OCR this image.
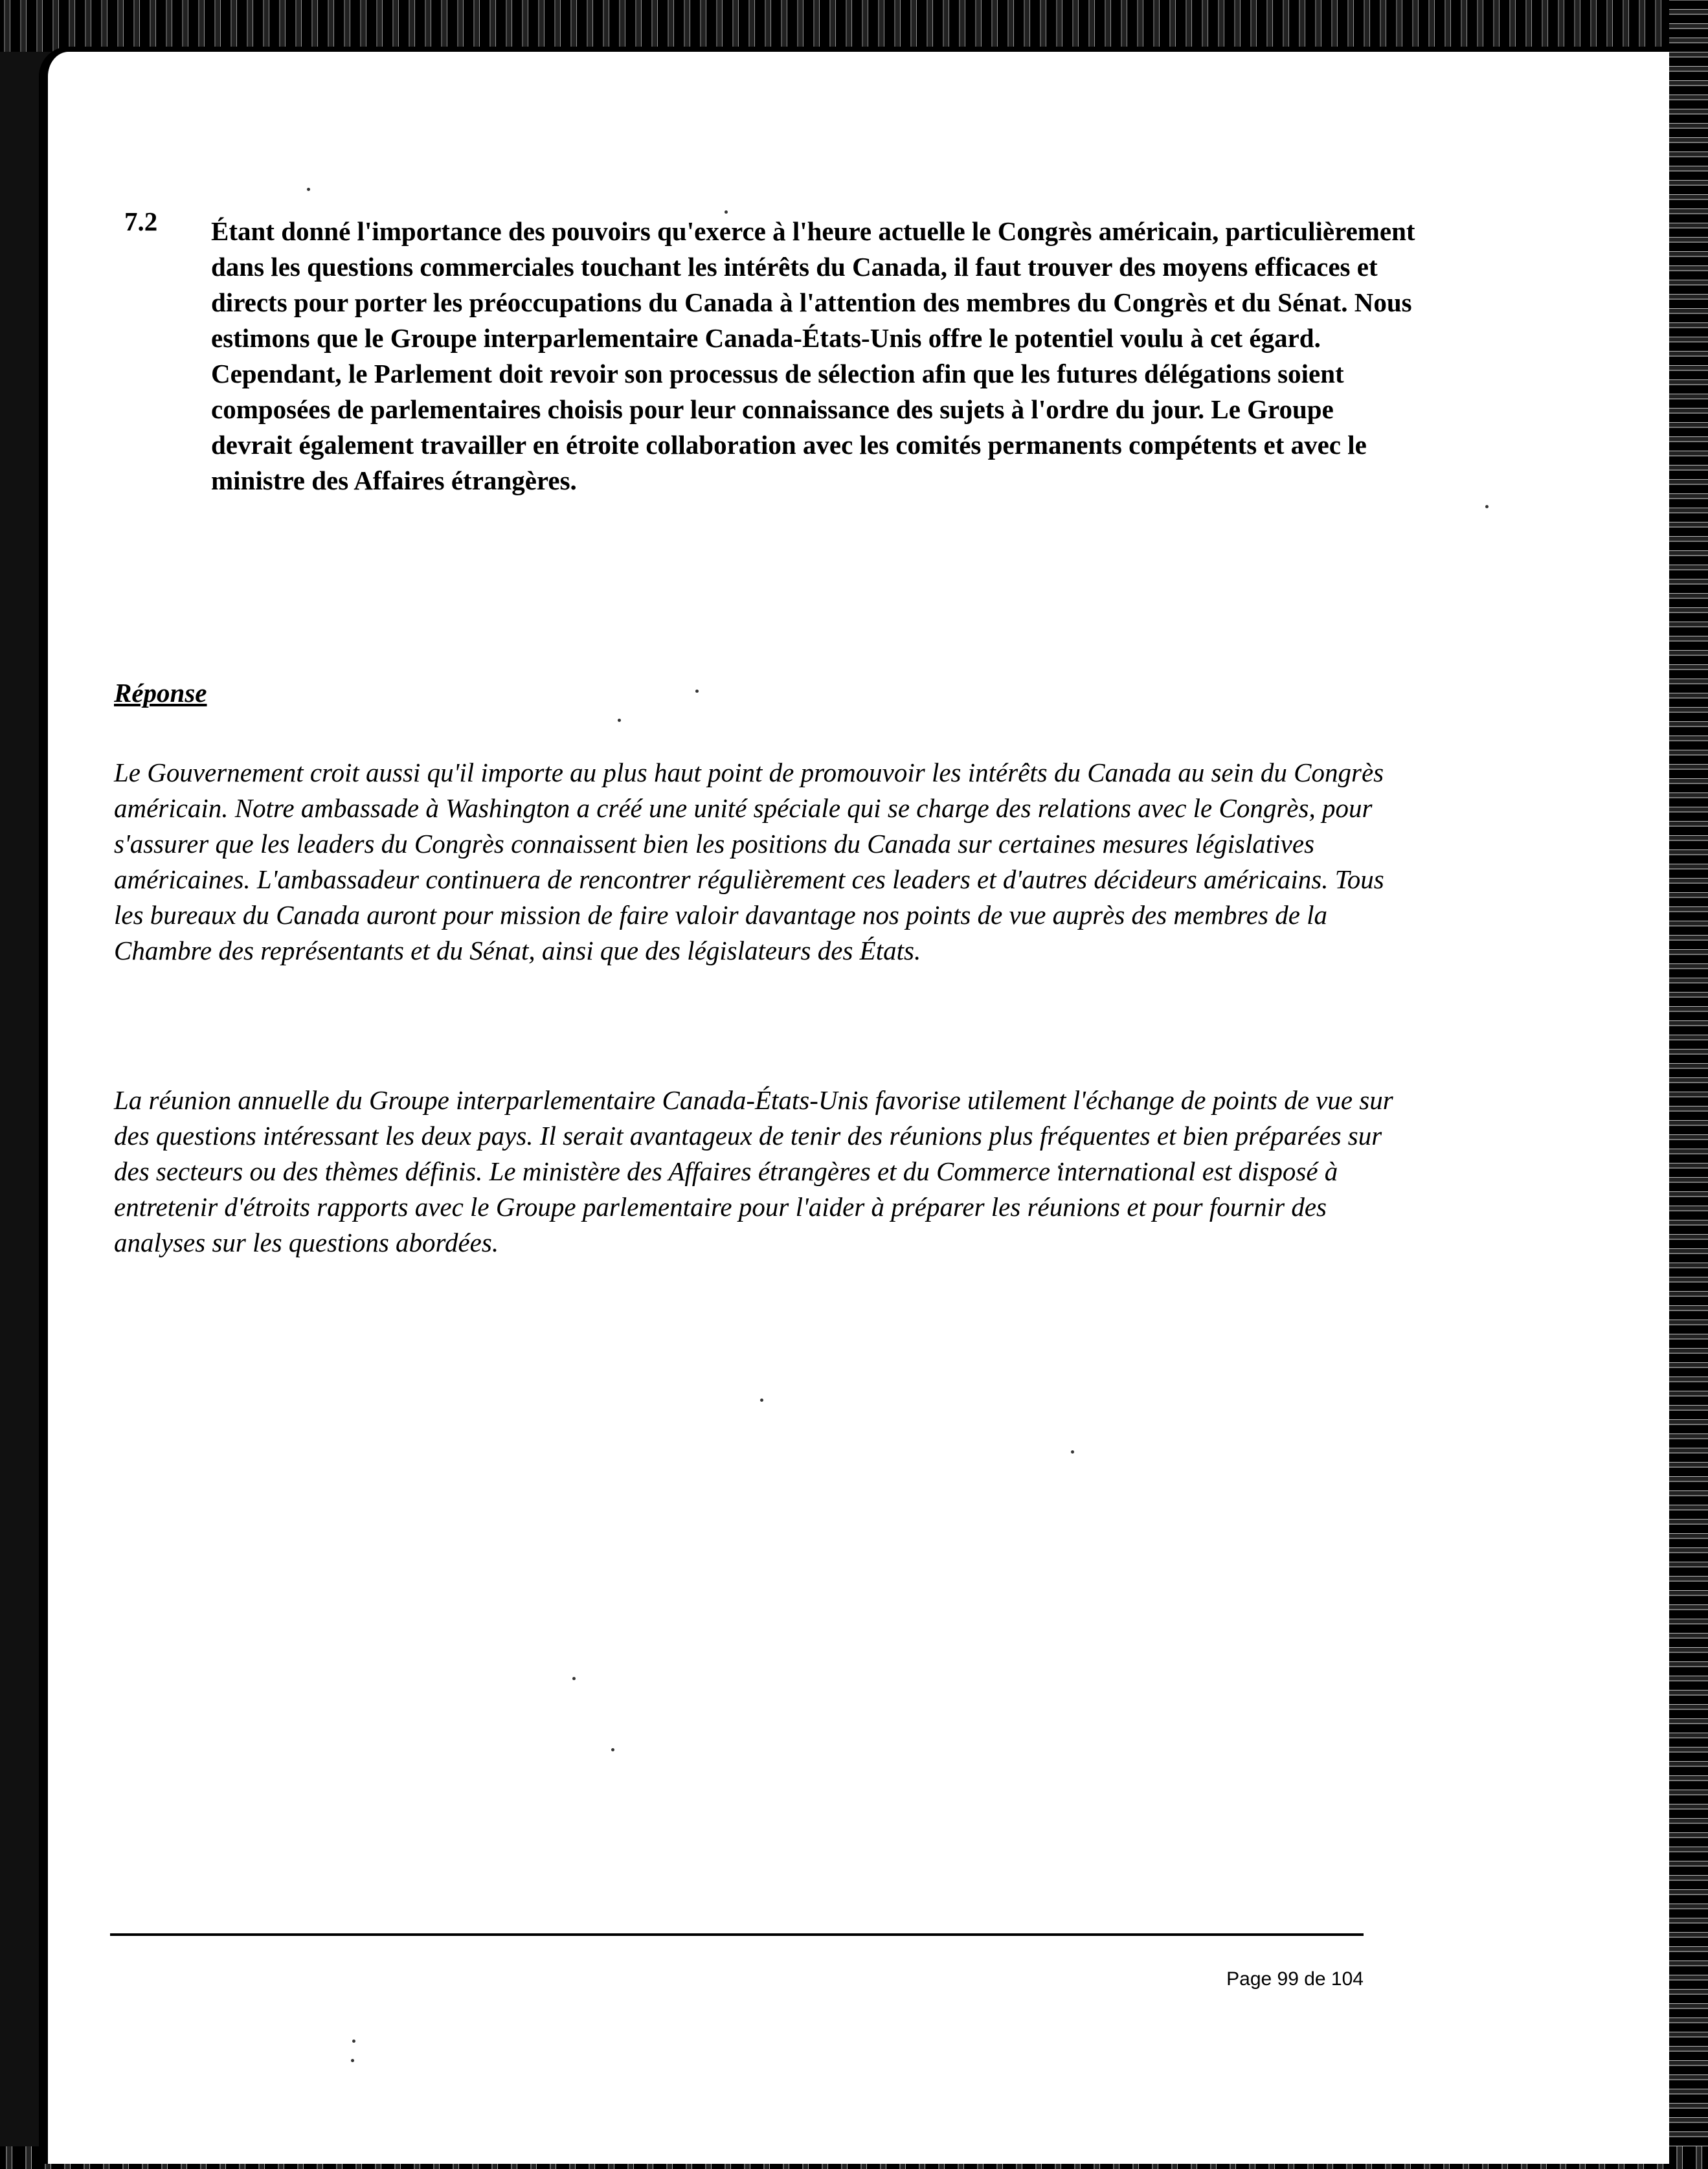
7.2 Étant donné l'importance des pouvoirs qu'exerce à l'heure actuelle le Congrès américain, particulièrement dans les questions commerciales touchant les intérêts du Canada, il faut trouver des moyens efficaces et directs pour porter les préoccupations du Canada à l'attention des membres du Congrès et du Sénat. Nous estimons que le Groupe interparlementaire Canada-États-Unis offre le potentiel voulu à cet égard. Cependant, le Parlement doit revoir son processus de sélection afin que les futures délégations soient composées de parlementaires choisis pour leur connaissance des sujets à l'ordre du jour. Le Groupe devrait également travailler en étroite collaboration avec les comités permanents compétents et avec le ministre des Affaires étrangères.

Réponse

Le Gouvernement croit aussi qu'il importe au plus haut point de promouvoir les intérêts du Canada au sein du Congrès américain. Notre ambassade à Washington a créé une unité spéciale qui se charge des relations avec le Congrès, pour s'assurer que les leaders du Congrès connaissent bien les positions du Canada sur certaines mesures législatives américaines. L'ambassadeur continuera de rencontrer régulièrement ces leaders et d'autres décideurs américains. Tous les bureaux du Canada auront pour mission de faire valoir davantage nos points de vue auprès des membres de la Chambre des représentants et du Sénat, ainsi que des législateurs des États.

La réunion annuelle du Groupe interparlementaire Canada-États-Unis favorise utilement l'échange de points de vue sur des questions intéressant les deux pays. Il serait avantageux de tenir des réunions plus fréquentes et bien préparées sur des secteurs ou des thèmes définis. Le ministère des Affaires étrangères et du Commerce international est disposé à entretenir d'étroits rapports avec le Groupe parlementaire pour l'aider à préparer les réunions et pour fournir des analyses sur les questions abordées.

Page 99 de 104
